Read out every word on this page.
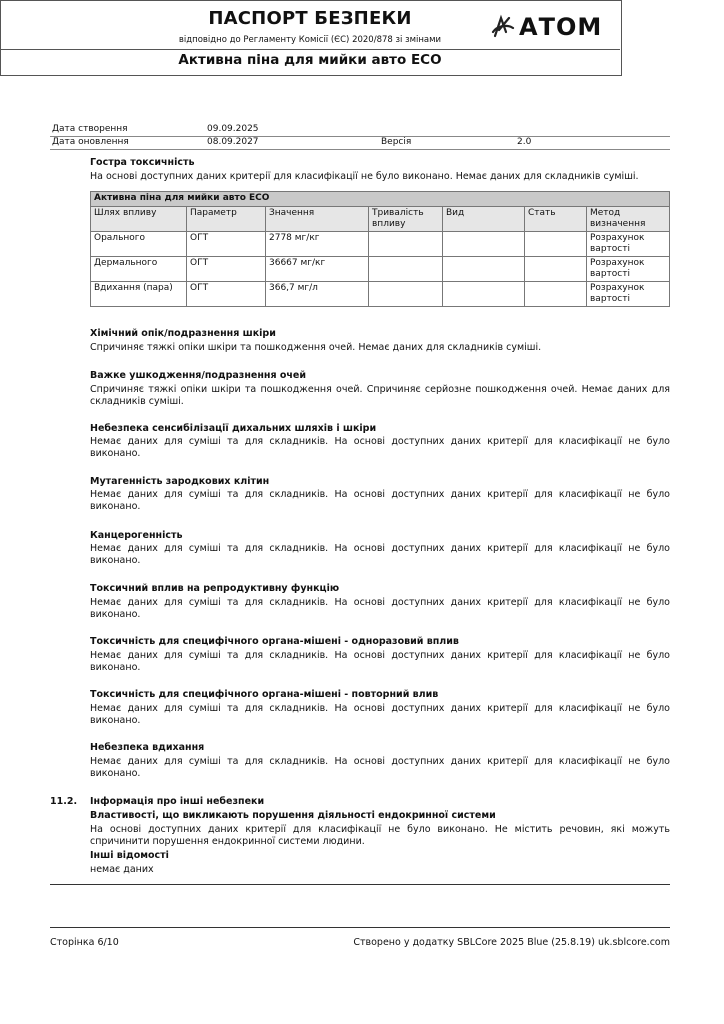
ПАСПОРТ БЕЗПЕКИ
відповідно до Регламенту Комісії (ЄС) 2020/878 зі змінами
Активна піна для мийки авто ECO
АТОМ
Дата створення	09.09.2025
Дата оновлення	08.09.2027	Версія	2.0
Гостра токсичність
На основі доступних даних критерії для класифікації не було виконано. Немає даних для складників суміші.
Активна піна для мийки авто ECO						
Шлях впливу	Параметр	Значення	Тривалість впливу	Вид	Стать	Метод визначення
Орального	ОГТ	2778 мг/кг				Розрахунок вартості
Дермального	ОГТ	36667 мг/кг				Розрахунок вартості
Вдихання (пара)	ОГТ	366,7 мг/л				Розрахунок вартості
Хімічний опік/подразнення шкіри
Спричиняє тяжкі опіки шкіри та пошкодження очей. Немає даних для складників суміші.
Важке ушкодження/подразнення очей
Спричиняє тяжкі опіки шкіри та пошкодження очей. Спричиняє серйозне пошкодження очей. Немає даних для складників суміші.
Небезпека сенсибілізації дихальних шляхів і шкіри
Немає даних для суміші та для складників. На основі доступних даних критерії для класифікації не було виконано.
Мутагенність зародкових клітин
Немає даних для суміші та для складників. На основі доступних даних критерії для класифікації не було виконано.
Канцерогенність
Немає даних для суміші та для складників. На основі доступних даних критерії для класифікації не було виконано.
Токсичний вплив на репродуктивну функцію
Немає даних для суміші та для складників. На основі доступних даних критерії для класифікації не було виконано.
Токсичність для специфічного органа-мішені - одноразовий вплив
Немає даних для суміші та для складників. На основі доступних даних критерії для класифікації не було виконано.
Токсичність для специфічного органа-мішені - повторний влив
Немає даних для суміші та для складників. На основі доступних даних критерії для класифікації не було виконано.
Небезпека вдихання
Немає даних для суміші та для складників. На основі доступних даних критерії для класифікації не було виконано.
11.2. Інформація про інші небезпеки
Властивості, що викликають порушення діяльності ендокринної системи
На основі доступних даних критерії для класифікації не було виконано. Не містить речовин, які можуть спричинити порушення ендокринної системи людини.
Інші відомості
немає даних
Сторінка 6/10	Створено у додатку SBLCore 2025 Blue (25.8.19) uk.sblcore.com
